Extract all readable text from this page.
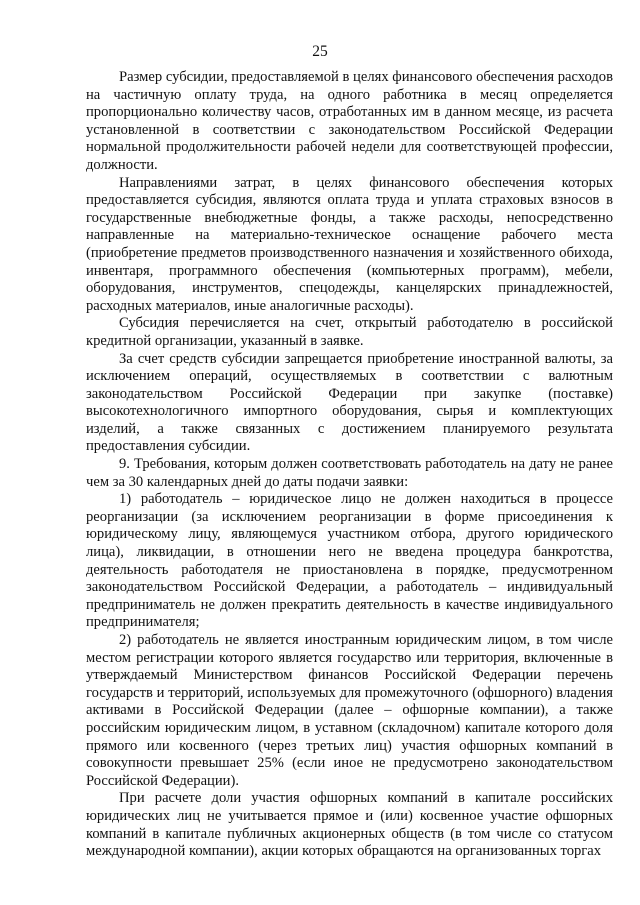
25

Размер субсидии, предоставляемой в целях финансового обеспечения расходов на частичную оплату труда, на одного работника в месяц определяется пропорционально количеству часов, отработанных им в данном месяце, из расчета установленной в соответствии с законодательством Российской Федерации нормальной продолжительности рабочей недели для соответствующей профессии, должности.

Направлениями затрат, в целях финансового обеспечения которых предоставляется субсидия, являются оплата труда и уплата страховых взносов в государственные внебюджетные фонды, а также расходы, непосредственно направленные на материально-техническое оснащение рабочего места (приобретение предметов производственного назначения и хозяйственного обихода, инвентаря, программного обеспечения (компьютерных программ), мебели, оборудования, инструментов, спецодежды, канцелярских принадлежностей, расходных материалов, иные аналогичные расходы).

Субсидия перечисляется на счет, открытый работодателю в российской кредитной организации, указанный в заявке.

За счет средств субсидии запрещается приобретение иностранной валюты, за исключением операций, осуществляемых в соответствии с валютным законодательством Российской Федерации при закупке (поставке) высокотехнологичного импортного оборудования, сырья и комплектующих изделий, а также связанных с достижением планируемого результата предоставления субсидии.

9. Требования, которым должен соответствовать работодатель на дату не ранее чем за 30 календарных дней до даты подачи заявки:

1) работодатель – юридическое лицо не должен находиться в процессе реорганизации (за исключением реорганизации в форме присоединения к юридическому лицу, являющемуся участником отбора, другого юридического лица), ликвидации, в отношении него не введена процедура банкротства, деятельность работодателя не приостановлена в порядке, предусмотренном законодательством Российской Федерации, а работодатель – индивидуальный предприниматель не должен прекратить деятельность в качестве индивидуального предпринимателя;

2) работодатель не является иностранным юридическим лицом, в том числе местом регистрации которого является государство или территория, включенные в утверждаемый Министерством финансов Российской Федерации перечень государств и территорий, используемых для промежуточного (офшорного) владения активами в Российской Федерации (далее – офшорные компании), а также российским юридическим лицом, в уставном (складочном) капитале которого доля прямого или косвенного (через третьих лиц) участия офшорных компаний в совокупности превышает 25% (если иное не предусмотрено законодательством Российской Федерации).

При расчете доли участия офшорных компаний в капитале российских юридических лиц не учитывается прямое и (или) косвенное участие офшорных компаний в капитале публичных акционерных обществ (в том числе со статусом международной компании), акции которых обращаются на организованных торгах
